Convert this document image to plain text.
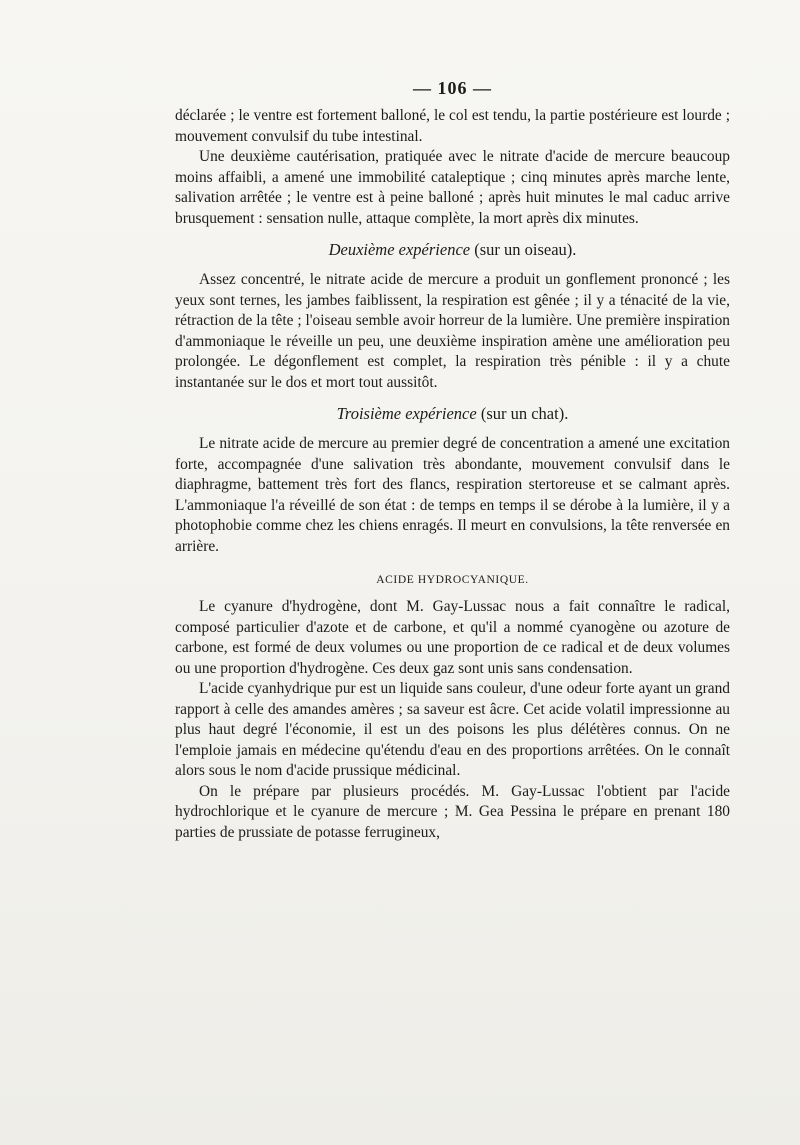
— 106 —

déclarée ; le ventre est fortement balloné, le col est tendu, la partie postérieure est lourde ; mouvement convulsif du tube intestinal.

Une deuxième cautérisation, pratiquée avec le nitrate d'acide de mercure beaucoup moins affaibli, a amené une immobilité cataleptique ; cinq minutes après marche lente, salivation arrêtée ; le ventre est à peine balloné ; après huit minutes le mal caduc arrive brusquement : sensation nulle, attaque complète, la mort après dix minutes.

Deuxième expérience (sur un oiseau).

Assez concentré, le nitrate acide de mercure a produit un gonflement prononcé ; les yeux sont ternes, les jambes faiblissent, la respiration est gênée ; il y a ténacité de la vie, rétraction de la tête ; l'oiseau semble avoir horreur de la lumière. Une première inspiration d'ammoniaque le réveille un peu, une deuxième inspiration amène une amélioration peu prolongée. Le dégonflement est complet, la respiration très pénible : il y a chute instantanée sur le dos et mort tout aussitôt.

Troisième expérience (sur un chat).

Le nitrate acide de mercure au premier degré de concentration a amené une excitation forte, accompagnée d'une salivation très abondante, mouvement convulsif dans le diaphragme, battement très fort des flancs, respiration stertoreuse et se calmant après. L'ammoniaque l'a réveillé de son état : de temps en temps il se dérobe à la lumière, il y a photophobie comme chez les chiens enragés. Il meurt en convulsions, la tête renversée en arrière.

ACIDE HYDROCYANIQUE.

Le cyanure d'hydrogène, dont M. Gay-Lussac nous a fait connaître le radical, composé particulier d'azote et de carbone, et qu'il a nommé cyanogène ou azoture de carbone, est formé de deux volumes ou une proportion de ce radical et de deux volumes ou une proportion d'hydrogène. Ces deux gaz sont unis sans condensation.

L'acide cyanhydrique pur est un liquide sans couleur, d'une odeur forte ayant un grand rapport à celle des amandes amères ; sa saveur est âcre. Cet acide volatil impressionne au plus haut degré l'économie, il est un des poisons les plus délétères connus. On ne l'emploie jamais en médecine qu'étendu d'eau en des proportions arrêtées. On le connaît alors sous le nom d'acide prussique médicinal.

On le prépare par plusieurs procédés. M. Gay-Lussac l'obtient par l'acide hydrochlorique et le cyanure de mercure ; M. Gea Pessina le prépare en prenant 180 parties de prussiate de potasse ferrugineux,
